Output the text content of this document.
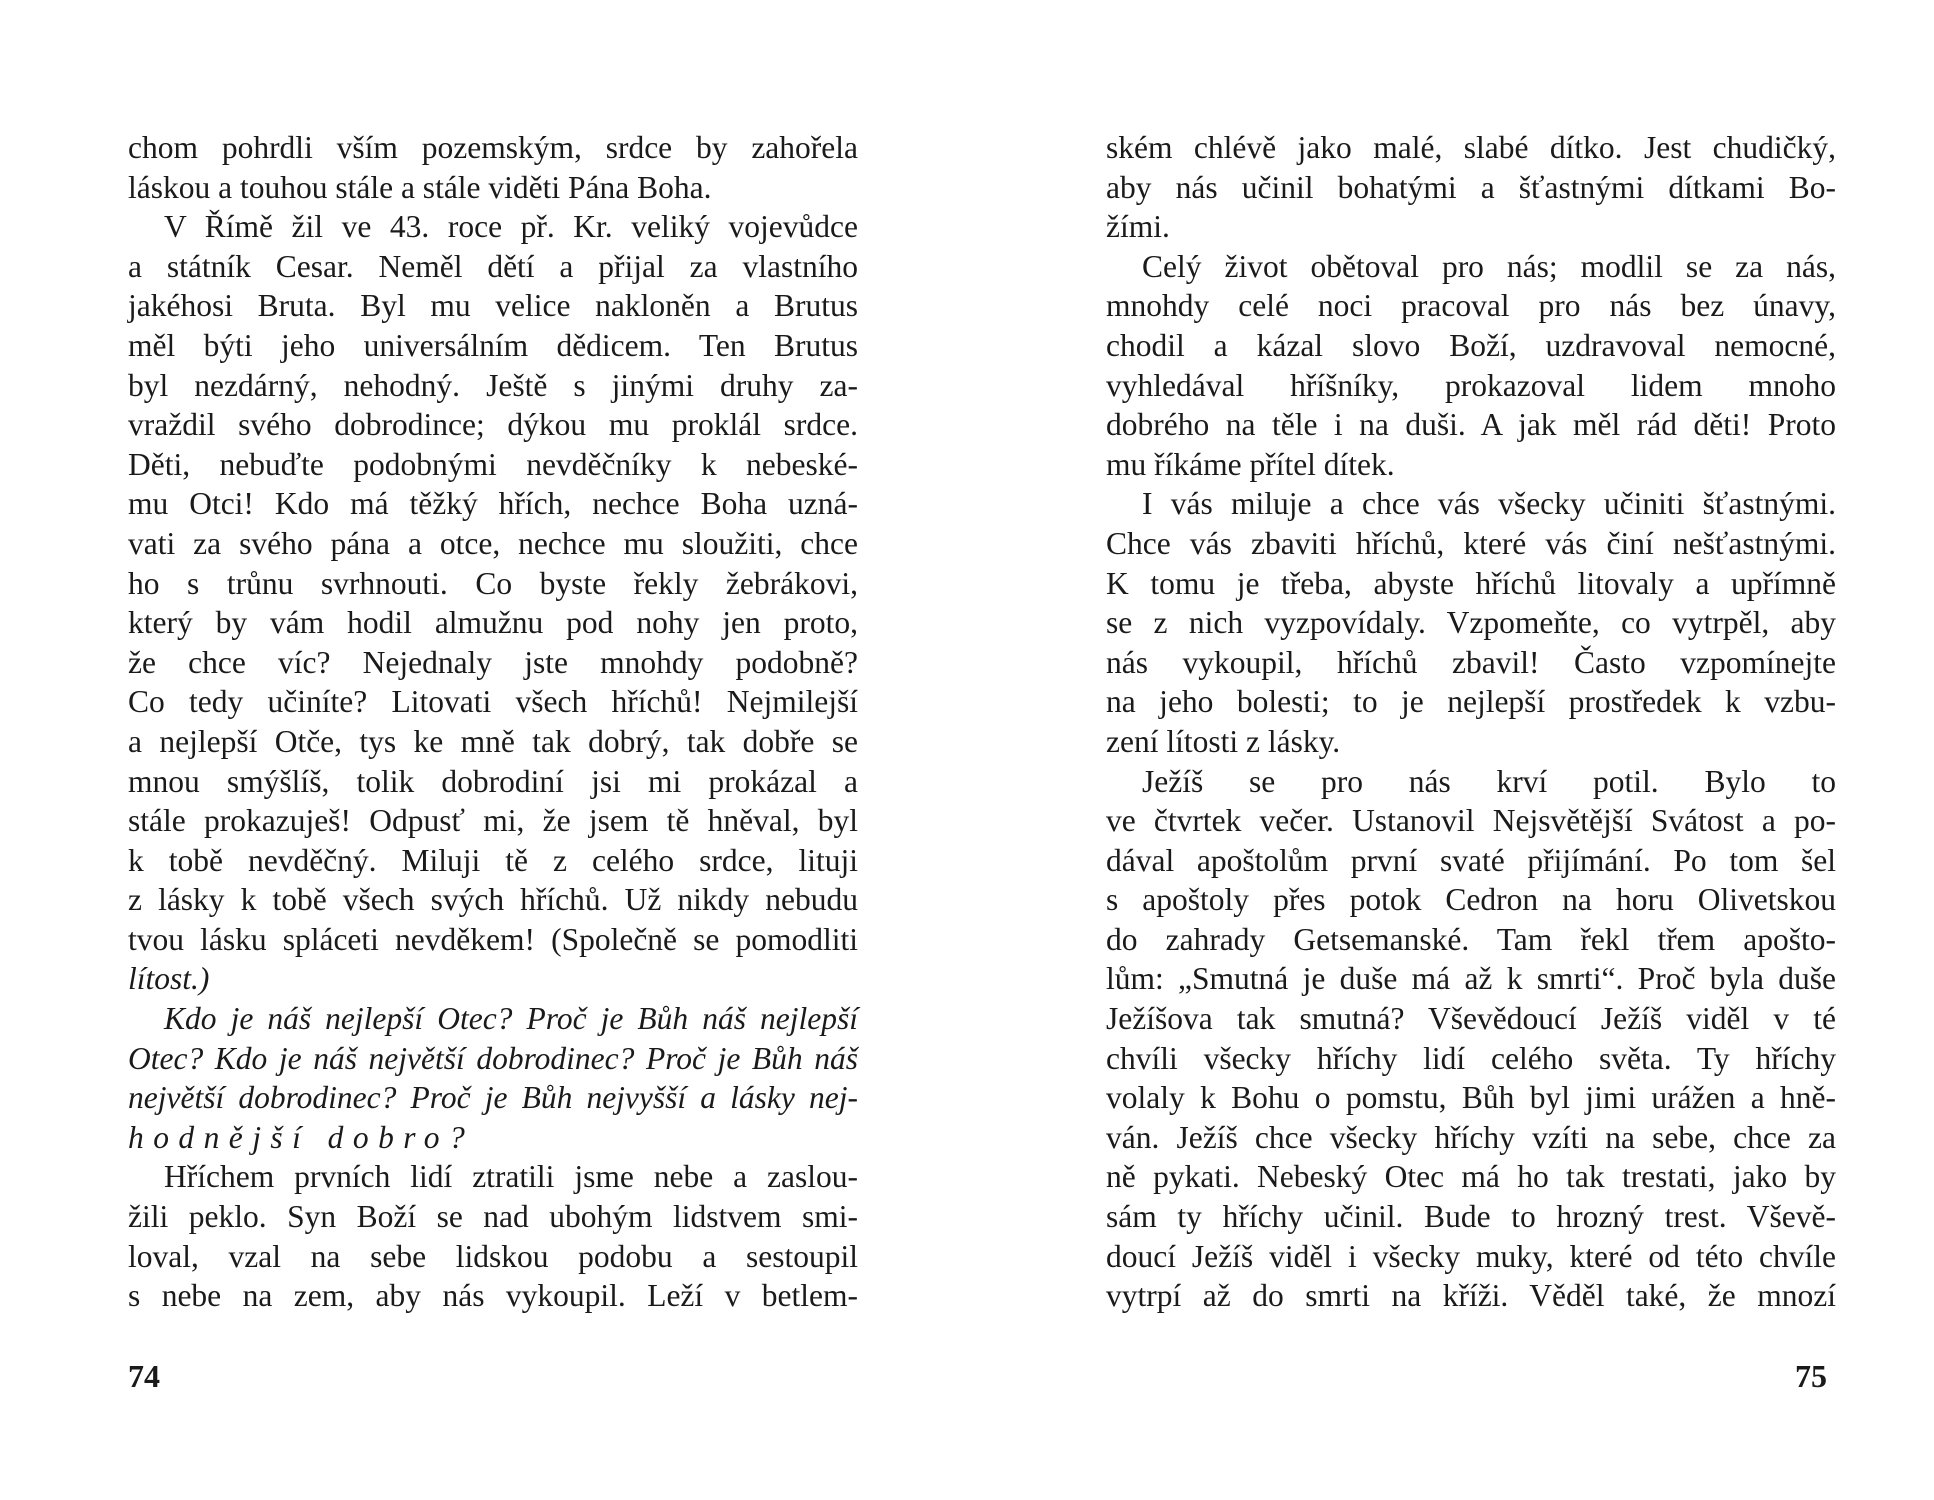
chom pohrdli vším pozemským, srdce by zahořela
láskou a touhou stále a stále viděti Pána Boha.
V Římě žil ve 43. roce př. Kr. veliký vojevůdce
a státník Cesar. Neměl dětí a přijal za vlastního
jakéhosi Bruta. Byl mu velice nakloněn a Brutus
měl býti jeho universálním dědicem. Ten Brutus
byl nezdárný, nehodný. Ještě s jinými druhy za-
vraždil svého dobrodince; dýkou mu proklál srdce.
Děti, nebuďte podobnými nevděčníky k nebeské-
mu Otci! Kdo má těžký hřích, nechce Boha uzná-
vati za svého pána a otce, nechce mu sloužiti, chce
ho s trůnu svrhnouti. Co byste řekly žebrákovi,
který by vám hodil almužnu pod nohy jen proto,
že chce víc? Nejednaly jste mnohdy podobně?
Co tedy učiníte? Litovati všech hříchů! Nejmilejší
a nejlepší Otče, tys ke mně tak dobrý, tak dobře se
mnou smýšlíš, tolik dobrodiní jsi mi prokázal a
stále prokazuješ! Odpusť mi, že jsem tě hněval, byl
k tobě nevděčný. Miluji tě z celého srdce, lituji
z lásky k tobě všech svých hříchů. Už nikdy nebudu
tvou lásku spláceti nevděkem! (Společně se pomodliti
lítost.)
Kdo je náš nejlepší Otec? Proč je Bůh náš nejlepší
Otec? Kdo je náš největší dobrodinec? Proč je Bůh náš
největší dobrodinec? Proč je Bůh nejvyšší a lásky nej-
hodnější dobro?
Hříchem prvních lidí ztratili jsme nebe a zaslou-
žili peklo. Syn Boží se nad ubohým lidstvem smi-
loval, vzal na sebe lidskou podobu a sestoupil
s nebe na zem, aby nás vykoupil. Leží v betlem-
ském chlévě jako malé, slabé dítko. Jest chudičký,
aby nás učinil bohatými a šťastnými dítkami Bo-
žími.
Celý život obětoval pro nás; modlil se za nás,
mnohdy celé noci pracoval pro nás bez únavy,
chodil a kázal slovo Boží, uzdravoval nemocné,
vyhledával hříšníky, prokazoval lidem mnoho
dobrého na těle i na duši. A jak měl rád děti! Proto
mu říkáme přítel dítek.
I vás miluje a chce vás všecky učiniti šťastnými.
Chce vás zbaviti hříchů, které vás činí nešťastnými.
K tomu je třeba, abyste hříchů litovaly a upřímně
se z nich vyzpovídaly. Vzpomeňte, co vytrpěl, aby
nás vykoupil, hříchů zbavil! Často vzpomínejte
na jeho bolesti; to je nejlepší prostředek k vzbu-
zení lítosti z lásky.
Ježíš se pro nás krví potil. Bylo to
ve čtvrtek večer. Ustanovil Nejsvětější Svátost a po-
dával apoštolům první svaté přijímání. Po tom šel
s apoštoly přes potok Cedron na horu Olivetskou
do zahrady Getsemanské. Tam řekl třem apošto-
lům: „Smutná je duše má až k smrti“. Proč byla duše
Ježíšova tak smutná? Vševědoucí Ježíš viděl v té
chvíli všecky hříchy lidí celého světa. Ty hříchy
volaly k Bohu o pomstu, Bůh byl jimi urážen a hně-
ván. Ježíš chce všecky hříchy vzíti na sebe, chce za
ně pykati. Nebeský Otec má ho tak trestati, jako by
sám ty hříchy učinil. Bude to hrozný trest. Vševě-
doucí Ježíš viděl i všecky muky, které od této chvíle
vytrpí až do smrti na kříži. Věděl také, že mnozí
74	75
